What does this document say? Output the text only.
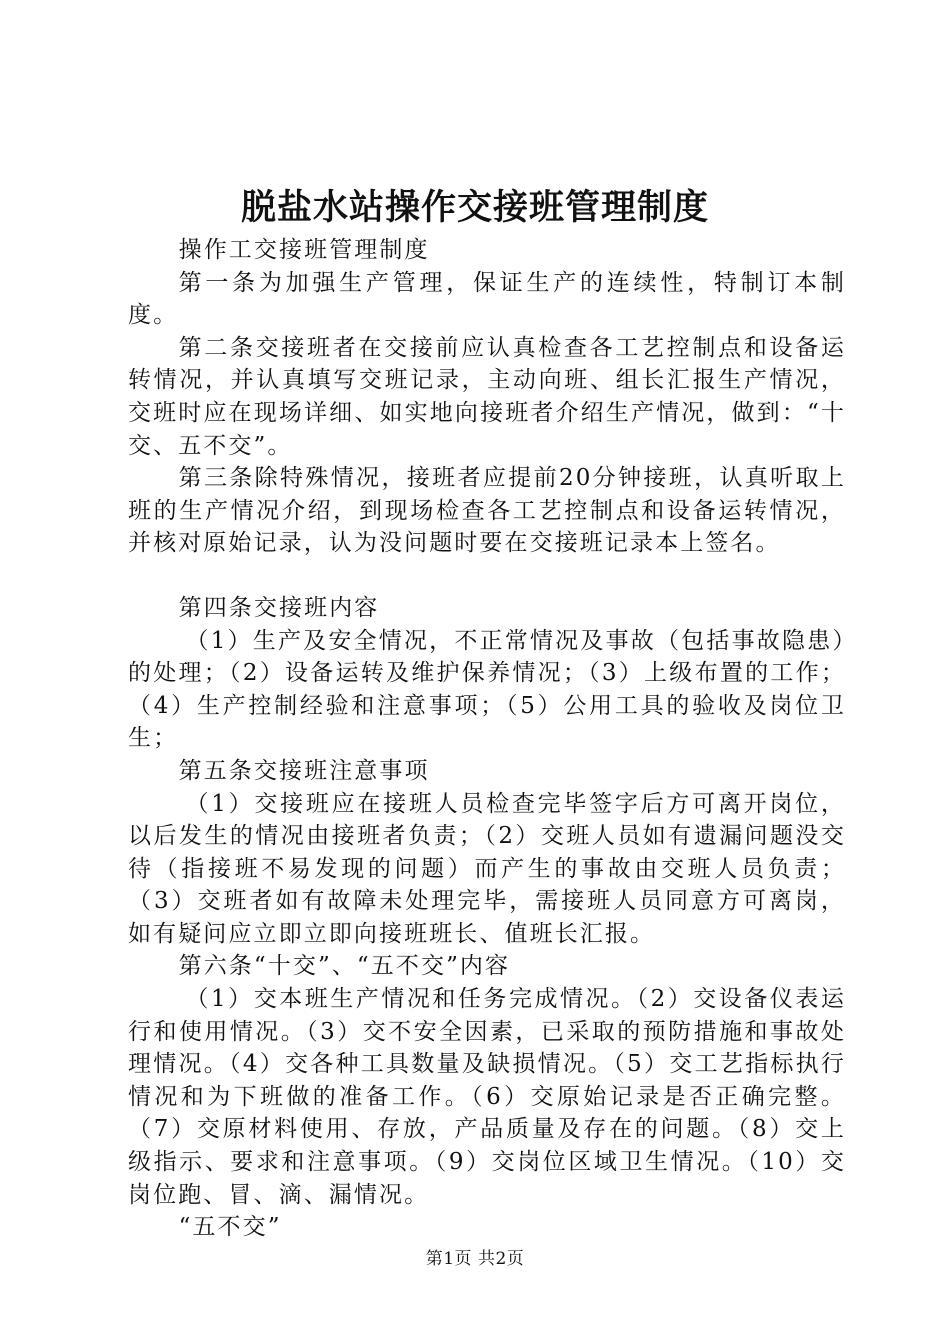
脱盐水站操作交接班管理制度

操作工交接班管理制度

第一条为加强生产管理，保证生产的连续性，特制订本制度。

第二条交接班者在交接前应认真检查各工艺控制点和设备运转情况，并认真填写交班记录，主动向班、组长汇报生产情况，交班时应在现场详细、如实地向接班者介绍生产情况，做到：“十交、五不交”。

第三条除特殊情况，接班者应提前20分钟接班，认真听取上班的生产情况介绍，到现场检查各工艺控制点和设备运转情况，并核对原始记录，认为没问题时要在交接班记录本上签名。

第四条交接班内容

（1）生产及安全情况，不正常情况及事故（包括事故隐患）的处理；（2）设备运转及维护保养情况；（3）上级布置的工作；（4）生产控制经验和注意事项；（5）公用工具的验收及岗位卫生；

第五条交接班注意事项

（1）交接班应在接班人员检查完毕签字后方可离开岗位，以后发生的情况由接班者负责；（2）交班人员如有遗漏问题没交待（指接班不易发现的问题）而产生的事故由交班人员负责；（3）交班者如有故障未处理完毕，需接班人员同意方可离岗，如有疑问应立即立即向接班班长、值班长汇报。

第六条“十交”、“五不交”内容

（1）交本班生产情况和任务完成情况。（2）交设备仪表运行和使用情况。（3）交不安全因素，已采取的预防措施和事故处理情况。（4）交各种工具数量及缺损情况。（5）交工艺指标执行情况和为下班做的准备工作。（6）交原始记录是否正确完整。（7）交原材料使用、存放，产品质量及存在的问题。（8）交上级指示、要求和注意事项。（9）交岗位区域卫生情况。（10）交岗位跑、冒、滴、漏情况。

“五不交”

第1页 共2页
